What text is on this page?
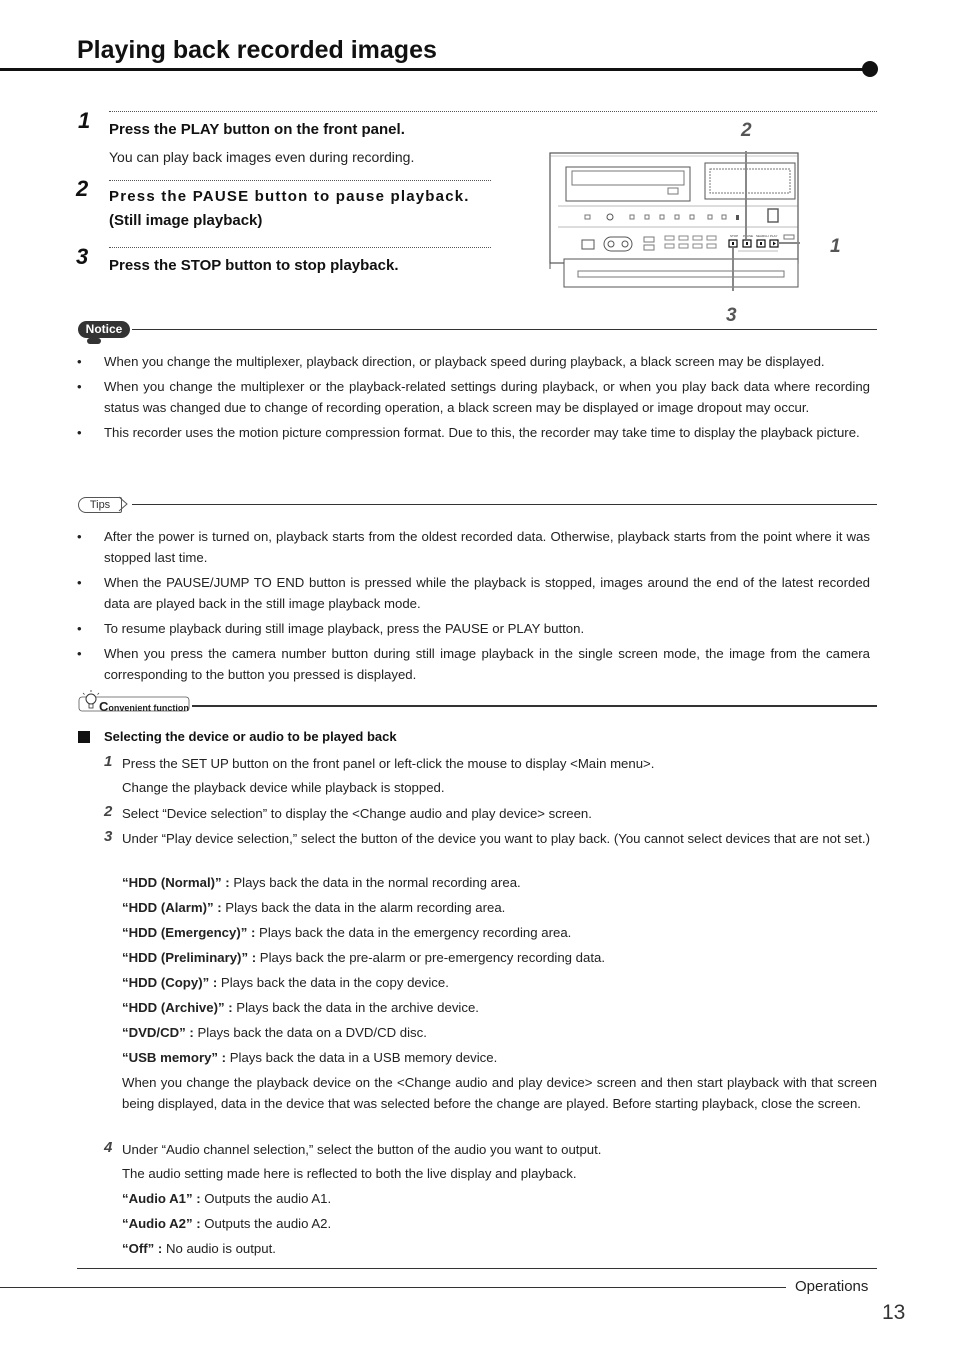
Playing back recorded images
1 Press the PLAY button on the front panel.
You can play back images even during recording.
2 Press the PAUSE button to pause playback.
(Still image playback)
3 Press the STOP button to stop playback.
STOP PAUSE SEARCH PLAY
2
1
3
Notice
• When you change the multiplexer, playback direction, or playback speed during playback, a black screen may be displayed.
• When you change the multiplexer or the playback-related settings during playback, or when you play back data where recording status was changed due to change of recording operation, a black screen may be displayed or image dropout may occur.
• This recorder uses the motion picture compression format. Due to this, the recorder may take time to display the playback picture.
Tips
• After the power is turned on, playback starts from the oldest recorded data. Otherwise, playback starts from the point where it was stopped last time.
• When the PAUSE/JUMP TO END button is pressed while the playback is stopped, images around the end of the latest recorded data are played back in the still image playback mode.
• To resume playback during still image playback, press the PAUSE or PLAY button.
• When you press the camera number button during still image playback in the single screen mode, the image from the camera corresponding to the button you pressed is displayed.
Convenient function
Selecting the device or audio to be played back
1 Press the SET UP button on the front panel or left-click the mouse to display <Main menu>.
Change the playback device while playback is stopped.
2 Select “Device selection” to display the <Change audio and play device> screen.
3 Under “Play device selection,” select the button of the device you want to play back. (You cannot select devices that are not set.)
“HDD (Normal)” : Plays back the data in the normal recording area.
“HDD (Alarm)” : Plays back the data in the alarm recording area.
“HDD (Emergency)” : Plays back the data in the emergency recording area.
“HDD (Preliminary)” : Plays back the pre-alarm or pre-emergency recording data.
“HDD (Copy)” : Plays back the data in the copy device.
“HDD (Archive)” : Plays back the data in the archive device.
“DVD/CD” : Plays back the data on a DVD/CD disc.
“USB memory” : Plays back the data in a USB memory device.
When you change the playback device on the <Change audio and play device> screen and then start playback with that screen being displayed, data in the device that was selected before the change are played. Before starting playback, close the screen.
4 Under “Audio channel selection,” select the button of the audio you want to output.
The audio setting made here is reflected to both the live display and playback.
“Audio A1” : Outputs the audio A1.
“Audio A2” : Outputs the audio A2.
“Off” : No audio is output.
Operations
13
